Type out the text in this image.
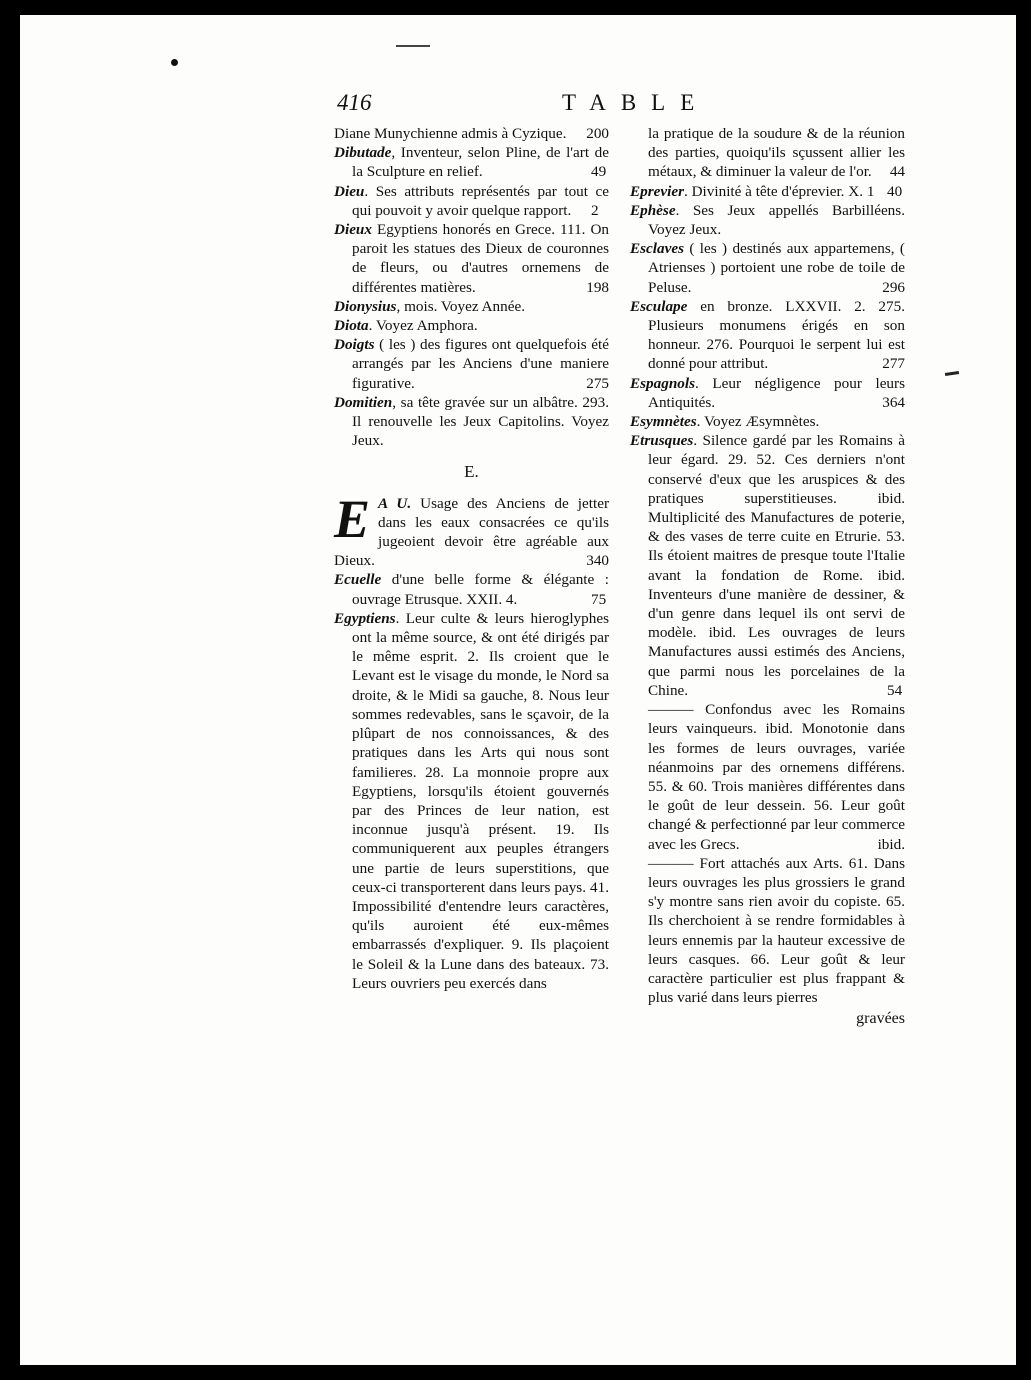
416	TABLE

Diane Munychienne admis à Cyzique. 200

Dibutade, Inventeur, selon Pline, de l'art de la Sculpture en relief.	49

Dieu. Ses attributs représentés par tout ce qui pouvoit y avoir quelque rapport. 2

Dieux Egyptiens honorés en Grece. 111. On paroit les statues des Dieux de couronnes de fleurs, ou d'autres ornemens de différentes matières.	198

Dionysius, mois. Voyez Année.

Diota. Voyez Amphora.

Doigts ( les ) des figures ont quelquefois été arrangés par les Anciens d'une maniere figurative.	275

Domitien, sa tête gravée sur un albâtre. 293. Il renouvelle les Jeux Capitolins. Voyez Jeux.

E.

E A U. Usage des Anciens de jetter dans les eaux consacrées ce qu'ils jugeoient devoir être agréable aux Dieux.	340

Ecuelle d'une belle forme & élégante : ouvrage Etrusque. XXII. 4.	75

Egyptiens. Leur culte & leurs hieroglyphes ont la même source, & ont été dirigés par le même esprit. 2. Ils croient que le Levant est le visage du monde, le Nord sa droite, & le Midi sa gauche, 8. Nous leur sommes redevables, sans le sçavoir, de la plûpart de nos connoissances, & des pratiques dans les Arts qui nous sont familieres. 28. La monnoie propre aux Egyptiens, lorsqu'ils étoient gouvernés par des Princes de leur nation, est inconnue jusqu'à présent. 19. Ils communiquerent aux peuples étrangers une partie de leurs superstitions, que ceux-ci transporterent dans leurs pays. 41. Impossibilité d'entendre leurs caractères, qu'ils auroient été eux-mêmes embarrassés d'expliquer. 9. Ils plaçoient le Soleil & la Lune dans des bateaux. 73. Leurs ouvriers peu exercés dans

la pratique de la soudure & de la réunion des parties, quoiqu'ils sçussent allier les métaux, & diminuer la valeur de l'or. 44

Eprevier. Divinité à tête d'éprevier. X. 1 40

Ephèse. Ses Jeux appellés Barbilléens. Voyez Jeux.

Esclaves ( les ) destinés aux appartemens, ( Atrienses ) portoient une robe de toile de Peluse.	296

Esculape en bronze. LXXVII. 2. 275. Plusieurs monumens érigés en son honneur. 276. Pourquoi le serpent lui est donné pour attribut.	277

Espagnols. Leur négligence pour leurs Antiquités.	364

Esymnètes. Voyez Æsymnètes.

Etrusques. Silence gardé par les Romains à leur égard. 29. 52. Ces derniers n'ont conservé d'eux que les aruspices & des pratiques superstitieuses. ibid. Multiplicité des Manufactures de poterie, & des vases de terre cuite en Etrurie. 53. Ils étoient maitres de presque toute l'Italie avant la fondation de Rome. ibid. Inventeurs d'une manière de dessiner, & d'un genre dans lequel ils ont servi de modèle. ibid. Les ouvrages de leurs Manufactures aussi estimés des Anciens, que parmi nous les porcelaines de la Chine.	54

——— Confondus avec les Romains leurs vainqueurs. ibid. Monotonie dans les formes de leurs ouvrages, variée néanmoins par des ornemens différens. 55. & 60. Trois manières différentes dans le goût de leur dessein. 56. Leur goût changé & perfectionné par leur commerce avec les Grecs.	ibid.

——— Fort attachés aux Arts. 61. Dans leurs ouvrages les plus grossiers le grand s'y montre sans rien avoir du copiste. 65. Ils cherchoient à se rendre formidables à leurs ennemis par la hauteur excessive de leurs casques. 66. Leur goût & leur caractère particulier est plus frappant & plus varié dans leurs pierres

gravées
